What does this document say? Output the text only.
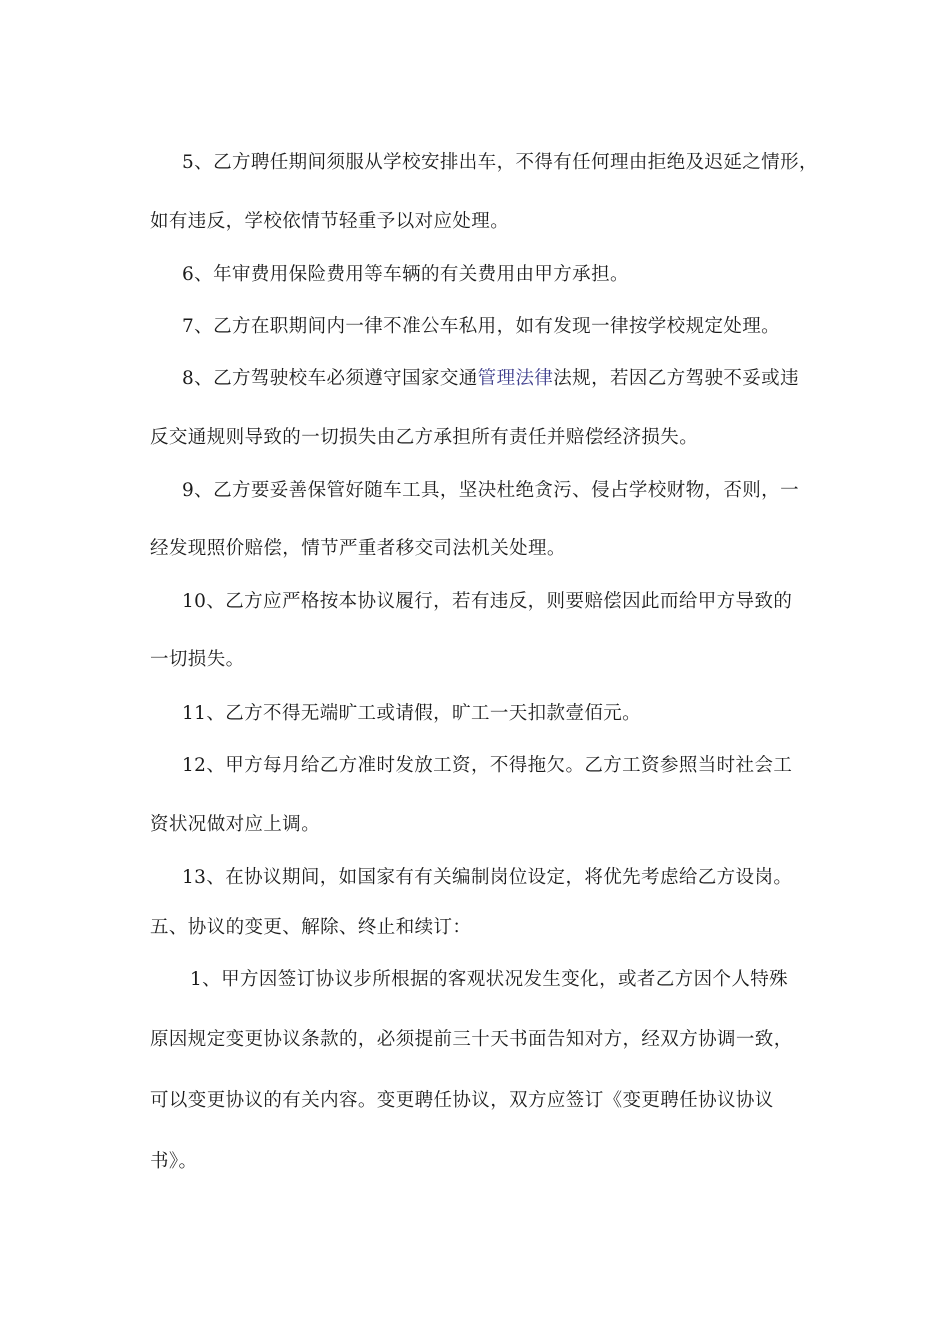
5、乙方聘任期间须服从学校安排出车，不得有任何理由拒绝及迟延之情形，
如有违反，学校依情节轻重予以对应处理。
6、年审费用保险费用等车辆的有关费用由甲方承担。
7、乙方在职期间内一律不准公车私用，如有发现一律按学校规定处理。
8、乙方驾驶校车必须遵守国家交通管理法律法规，若因乙方驾驶不妥或违
反交通规则导致的一切损失由乙方承担所有责任并赔偿经济损失。
9、乙方要妥善保管好随车工具，坚决杜绝贪污、侵占学校财物，否则，一
经发现照价赔偿，情节严重者移交司法机关处理。
10、乙方应严格按本协议履行，若有违反，则要赔偿因此而给甲方导致的
一切损失。
11、乙方不得无端旷工或请假，旷工一天扣款壹佰元。
12、甲方每月给乙方准时发放工资，不得拖欠。乙方工资参照当时社会工
资状况做对应上调。
13、在协议期间，如国家有有关编制岗位设定，将优先考虑给乙方设岗。
五、协议的变更、解除、终止和续订：
1、甲方因签订协议步所根据的客观状况发生变化，或者乙方因个人特殊
原因规定变更协议条款的，必须提前三十天书面告知对方，经双方协调一致，
可以变更协议的有关内容。变更聘任协议，双方应签订《变更聘任协议协议
书》。
